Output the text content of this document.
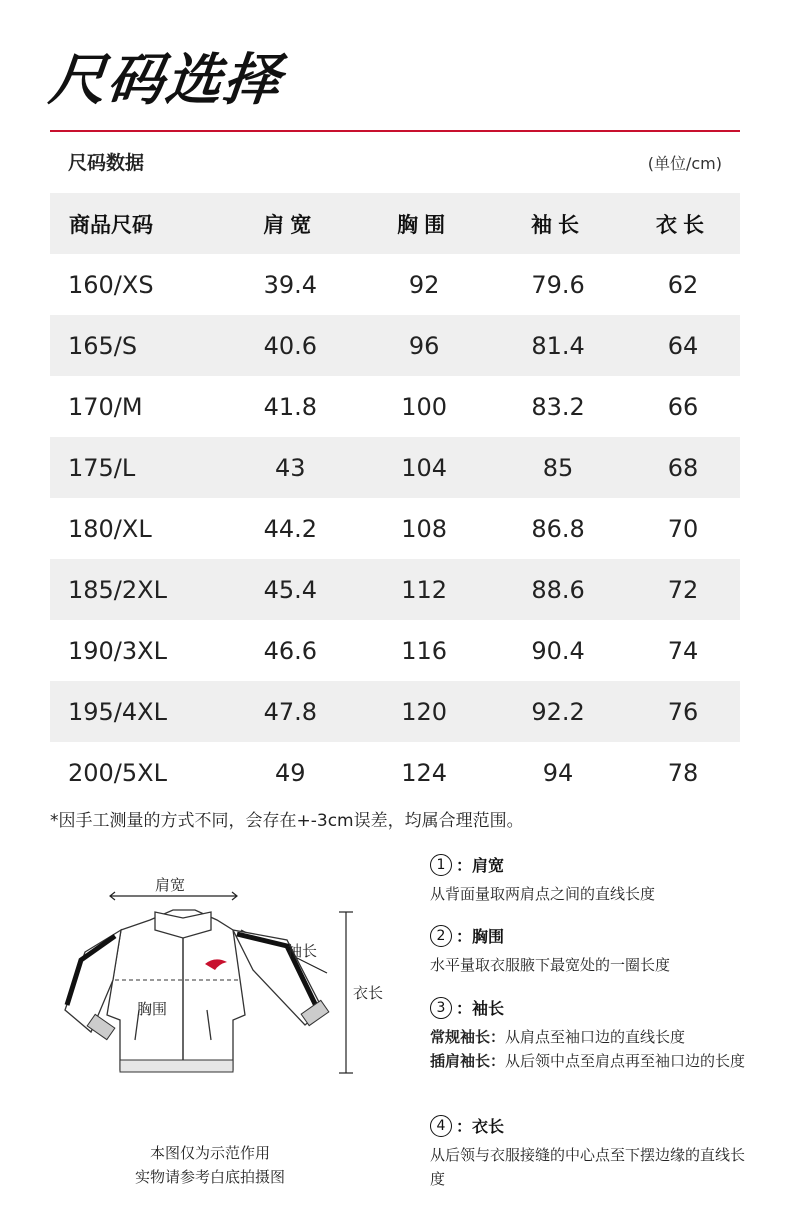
尺码选择
尺码数据	(单位/cm)
商品尺码	肩宽	胸围	袖长	衣长
160/XS	39.4	92	79.6	62
165/S	40.6	96	81.4	64
170/M	41.8	100	83.2	66
175/L	43	104	85	68
180/XL	44.2	108	86.8	70
185/2XL	45.4	112	88.6	72
190/3XL	46.6	116	90.4	74
195/4XL	47.8	120	92.2	76
200/5XL	49	124	94	78
*因手工测量的方式不同，会存在+-3cm误差，均属合理范围。
肩宽
袖长
衣长
胸围
本图仅为示范作用
实物请参考白底拍摄图
1 ：肩宽
从背面量取两肩点之间的直线长度
2 ：胸围
水平量取衣服腋下最宽处的一圈长度
3 ：袖长
常规袖长： 从肩点至袖口边的直线长度
插肩袖长： 从后领中点至肩点再至袖口边的长度
4 ：衣长
从后领与衣服接缝的中心点至下摆边缘的直线长度
